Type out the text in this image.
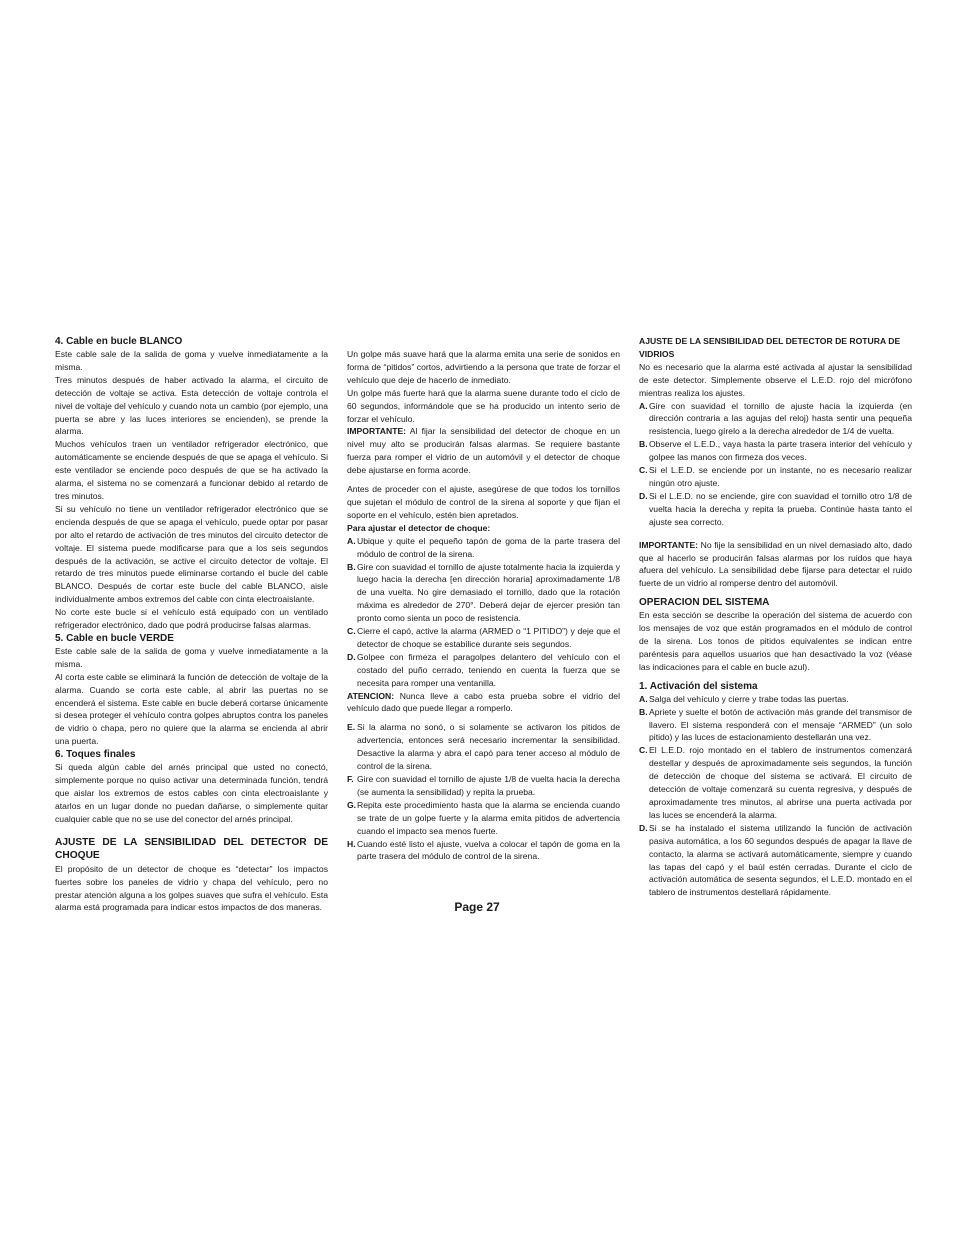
4. Cable en bucle BLANCO

Este cable sale de la salida de goma y vuelve inmediatamente a la misma.

Tres minutos después de haber activado la alarma, el circuito de detección de voltaje se activa. Esta detección de voltaje controla el nivel de voltaje del vehículo y cuando nota un cambio (por ejemplo, una puerta se abre y las luces interiores se encienden), se prende la alarma.

Muchos vehículos traen un ventilador refrigerador electrónico, que automáticamente se enciende después de que se apaga el vehículo. Si este ventilador se enciende poco después de que se ha activado la alarma, el sistema no se comenzará a funcionar debido al retardo de tres minutos.

Si su vehículo no tiene un ventilador refrigerador electrónico que se encienda después de que se apaga el vehículo, puede optar por pasar por alto el retardo de activación de tres minutos del circuito detector de voltaje. El sistema puede modificarse para que a los seis segundos después de la activación, se active el circuito detector de voltaje. El retardo de tres minutos puede eliminarse cortando el bucle del cable BLANCO. Después de cortar este bucle del cable BLANCO, aisle individualmente ambos extremos del cable con cinta electroaislante.

No corte este bucle si el vehículo está equipado con un ventilado refrigerador electrónico, dado que podrá producirse falsas alarmas.

5. Cable en bucle VERDE

Este cable sale de la salida de goma y vuelve inmediatamente a la misma.

Al corta este cable se eliminará la función de detección de voltaje de la alarma. Cuando se corta este cable, al abrir las puertas no se encenderá el sistema. Este cable en bucle deberá cortarse únicamente si desea proteger el vehículo contra golpes abruptos contra los paneles de vidrio o chapa, pero no quiere que la alarma se encienda al abrir una puerta.

6. Toques finales

Si queda algún cable del arnés principal que usted no conectó, simplemente porque no quiso activar una determinada función, tendrá que aislar los extremos de estos cables con cinta electroaislante y atarlos en un lugar donde no puedan dañarse, o simplemente quitar cualquier cable que no se use del conector del arnés principal.

AJUSTE DE LA SENSIBILIDAD DEL DETECTOR DE CHOQUE

El propósito de un detector de choque es “detectar” los impactos fuertes sobre los paneles de vidrio y chapa del vehículo, pero no prestar atención alguna a los golpes suaves que sufra el vehículo. Esta alarma está programada para indicar estos impactos de dos maneras.

Un golpe más suave hará que la alarma emita una serie de sonidos en forma de “pitidos” cortos, advirtiendo a la persona que trate de forzar el vehículo que deje de hacerlo de inmediato.

Un golpe más fuerte hará que la alarma suene durante todo el ciclo de 60 segundos, informándole que se ha producido un intento serio de forzar el vehículo.

IMPORTANTE: Al fijar la sensibilidad del detector de choque en un nivel muy alto se producirán falsas alarmas. Se requiere bastante fuerza para romper el vidrio de un automóvil y el detector de choque debe ajustarse en forma acorde.

Antes de proceder con el ajuste, asegúrese de que todos los tornillos que sujetan el módulo de control de la sirena al soporte y que fijan el soporte en el vehículo, estén bien apretados.

Para ajustar el detector de choque:

A. Ubique y quite el pequeño tapón de goma de la parte trasera del módulo de control de la sirena.
B. Gire con suavidad el tornillo de ajuste totalmente hacia la izquierda y luego hacia la derecha [en dirección horaria] aproximadamente 1/8 de una vuelta. No gire demasiado el tornillo, dado que la rotación máxima es alrededor de 270°. Deberá dejar de ejercer presión tan pronto como sienta un poco de resistencia.
C. Cierre el capó, active la alarma (ARMED o “1 PITIDO”) y deje que el detector de choque se estabilice durante seis segundos.
D. Golpee con firmeza el paragolpes delantero del vehículo con el costado del puño cerrado, teniendo en cuenta la fuerza que se necesita para romper una ventanilla.

ATENCION: Nunca lleve a cabo esta prueba sobre el vidrio del vehículo dado que puede llegar a romperlo.

E. Si la alarma no sonó, o si solamente se activaron los pitidos de advertencia, entonces será necesario incrementar la sensibilidad. Desactive la alarma y abra el capó para tener acceso al módulo de control de la sirena.
F. Gire con suavidad el tornillo de ajuste 1/8 de vuelta hacia la derecha (se aumenta la sensibilidad) y repita la prueba.
G. Repita este procedimiento hasta que la alarma se encienda cuando se trate de un golpe fuerte y la alarma emita pitidos de advertencia cuando el impacto sea menos fuerte.
H. Cuando esté listo el ajuste, vuelva a colocar el tapón de goma en la parte trasera del módulo de control de la sirena.

AJUSTE DE LA SENSIBILIDAD DEL DETECTOR DE ROTURA DE VIDRIOS

No es necesario que la alarma esté activada al ajustar la sensibilidad de este detector. Simplemente observe el L.E.D. rojo del micrófono mientras realiza los ajustes.

A. Gire con suavidad el tornillo de ajuste hacia la izquierda (en dirección contraria a las agujas del reloj) hasta sentir una pequeña resistencia, luego gírelo a la derecha alrededor de 1/4 de vuelta.
B. Observe el L.E.D., vaya hasta la parte trasera interior del vehículo y golpee las manos con firmeza dos veces.
C. Si el L.E.D. se enciende por un instante, no es necesario realizar ningún otro ajuste.
D. Si el L.E.D. no se enciende, gire con suavidad el tornillo otro 1/8 de vuelta hacia la derecha y repita la prueba. Continúe hasta tanto el ajuste sea correcto.

IMPORTANTE: No fije la sensibilidad en un nivel demasiado alto, dado que al hacerlo se producirán falsas alarmas por los ruidos que haya afuera del vehículo. La sensibilidad debe fijarse para detectar el ruido fuerte de un vidrio al romperse dentro del automóvil.

OPERACION DEL SISTEMA

En esta sección se describe la operación del sistema de acuerdo con los mensajes de voz que están programados en el módulo de control de la sirena. Los tonos de pitidos equivalentes se indican entre paréntesis para aquellos usuarios que han desactivado la voz (véase las indicaciones para el cable en bucle azul).

1. Activación del sistema

A. Salga del vehículo y cierre y trabe todas las puertas.
B. Apriete y suelte el botón de activación más grande del transmisor de llavero. El sistema responderá con el mensaje “ARMED” (un solo pitido) y las luces de estacionamiento destellarán una vez.
C. El L.E.D. rojo montado en el tablero de instrumentos comenzará destellar y después de aproximadamente seis segundos, la función de detección de choque del sistema se activará. El circuito de detección de voltaje comenzará su cuenta regresiva, y después de aproximadamente tres minutos, al abrirse una puerta activada por las luces se encenderá la alarma.
D. Si se ha instalado el sistema utilizando la función de activación pasiva automática, a los 60 segundos después de apagar la llave de contacto, la alarma se activará automáticamente, siempre y cuando las tapas del capó y el baúl estén cerradas. Durante el ciclo de activación automática de sesenta segundos, el L.E.D. montado en el tablero de instrumentos destellará rápidamente.
Page 27
